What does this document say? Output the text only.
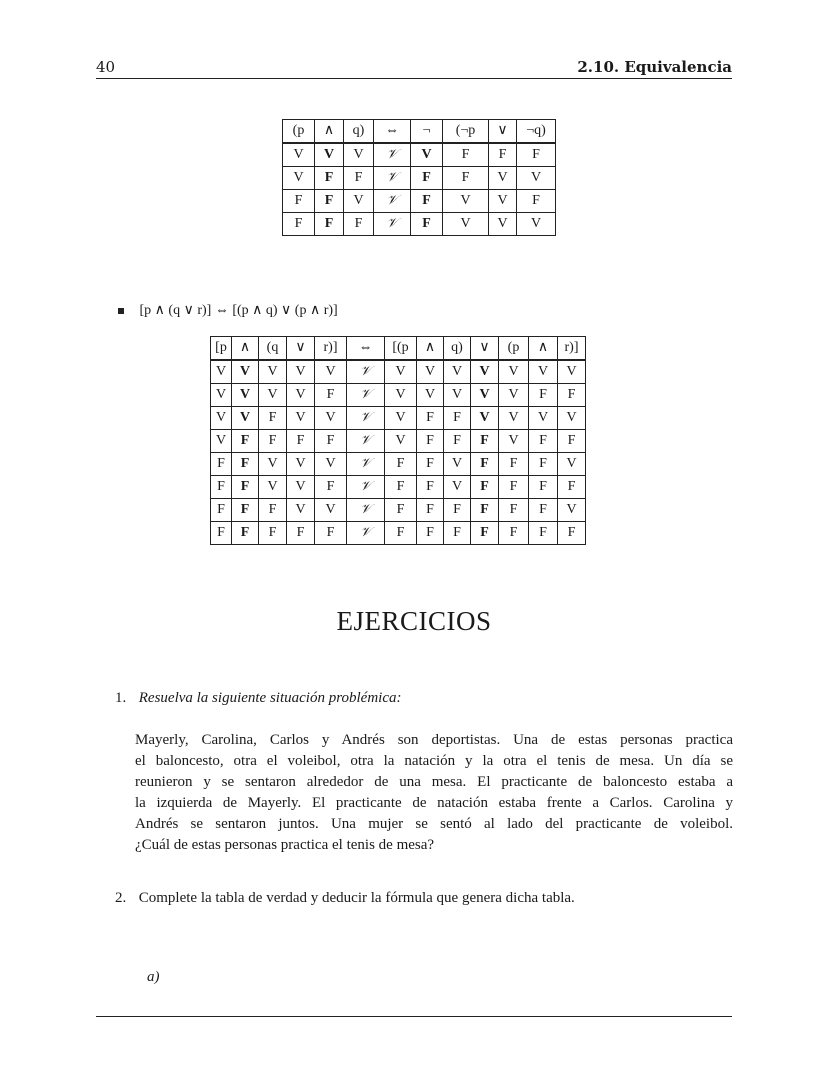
40	2.10. Equivalencia
(p	∧	q)	⇔	¬	(¬p	∨	¬q)
V	V	V	𝒱	V	F	F	F
V	F	F	𝒱	F	F	V	V
F	F	V	𝒱	F	V	V	F
F	F	F	𝒱	F	V	V	V
[p ∧ (q ∨ r)] ⇔ [(p ∧ q) ∨ (p ∧ r)]
[p	∧	(q	∨	r)]	⇔	[(p	∧	q)	∨	(p	∧	r)]
V	V	V	V	V	𝒱	V	V	V	V	V	V	V
V	V	V	V	F	𝒱	V	V	V	V	V	F	F
V	V	F	V	V	𝒱	V	F	F	V	V	V	V
V	F	F	F	F	𝒱	V	F	F	F	V	F	F
F	F	V	V	V	𝒱	F	F	V	F	F	F	V
F	F	V	V	F	𝒱	F	F	V	F	F	F	F
F	F	F	V	V	𝒱	F	F	F	F	F	F	V
F	F	F	F	F	𝒱	F	F	F	F	F	F	F
EJERCICIOS
1. Resuelva la siguiente situación problémica:
Mayerly, Carolina, Carlos y Andrés son deportistas. Una de estas personas practica
el baloncesto, otra el voleibol, otra la natación y la otra el tenis de mesa. Un día se
reunieron y se sentaron alrededor de una mesa. El practicante de baloncesto estaba a
la izquierda de Mayerly. El practicante de natación estaba frente a Carlos. Carolina y
Andrés se sentaron juntos. Una mujer se sentó al lado del practicante de voleibol.
¿Cuál de estas personas practica el tenis de mesa?
2. Complete la tabla de verdad y deducir la fórmula que genera dicha tabla.
a)
